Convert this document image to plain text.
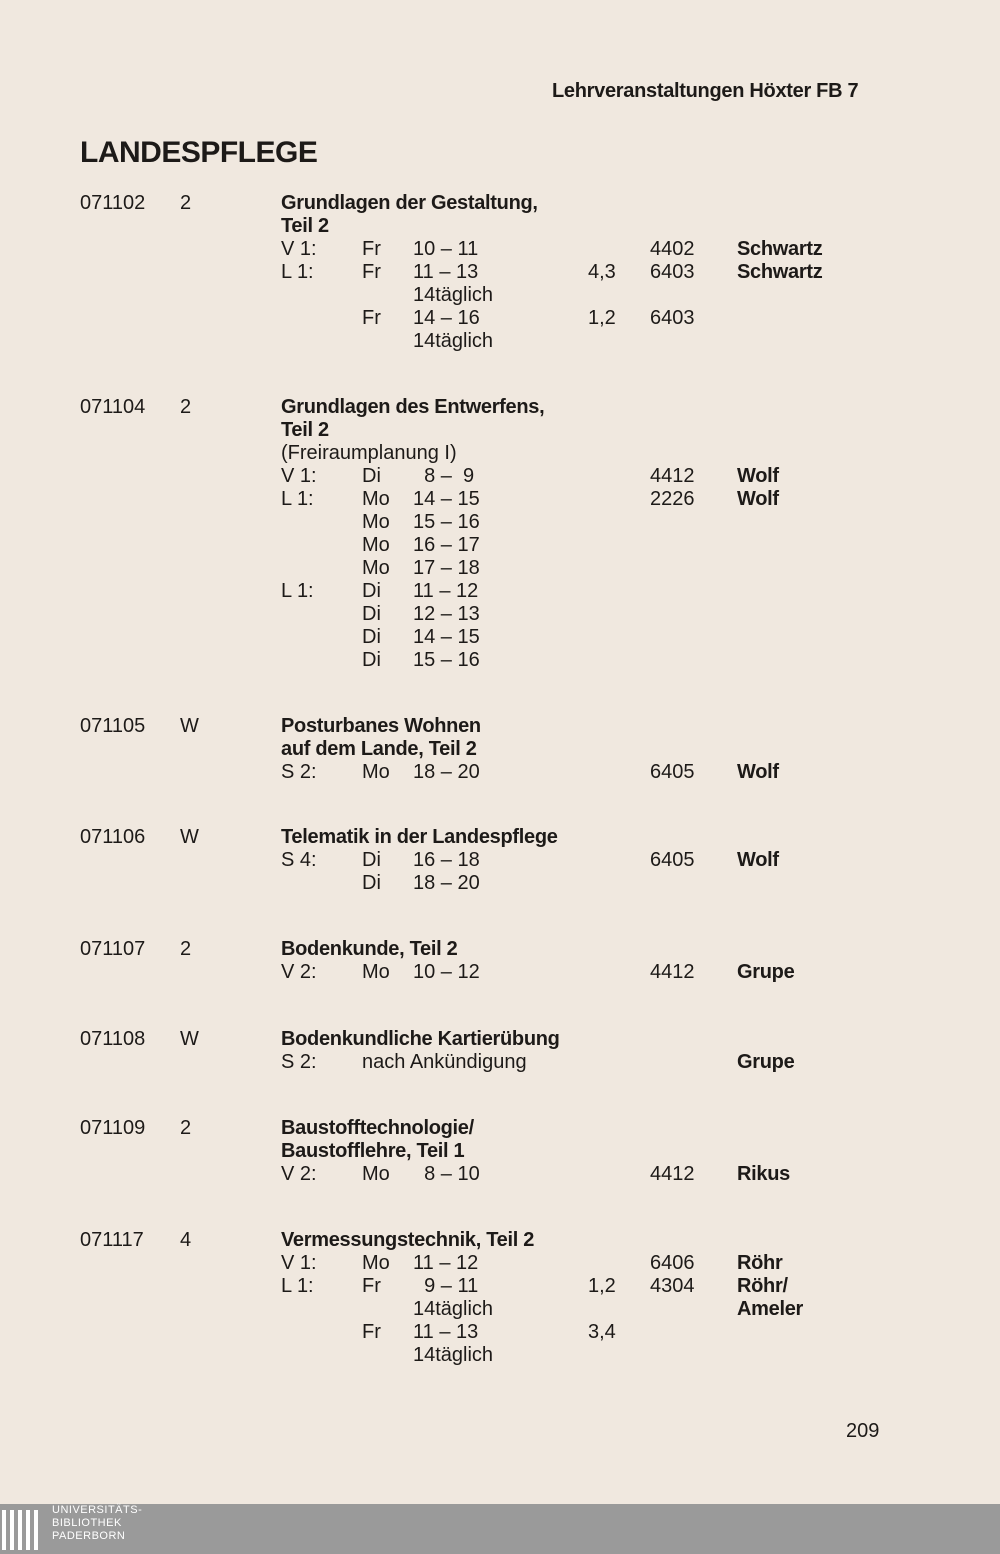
Lehrveranstaltungen Höxter FB 7
LANDESPFLEGE
071102 2	Grundlagen der Gestaltung,
Teil 2
V 1: Fr 10 – 11	4402 Schwartz
L 1: Fr 11 – 13	4,3 6403 Schwartz
14täglich
Fr 14 – 16	1,2 6403
14täglich
071104 2	Grundlagen des Entwerfens,
Teil 2
(Freiraumplanung I)
V 1: Di 8 –  9	4412 Wolf
L 1: Mo 14 – 15	2226 Wolf
Mo 15 – 16
Mo 16 – 17
Mo 17 – 18
L 1: Di 11 – 12
Di 12 – 13
Di 14 – 15
Di 15 – 16
071105 W	Posturbanes Wohnen
auf dem Lande, Teil 2
S 2: Mo 18 – 20	6405 Wolf
071106 W	Telematik in der Landespflege
S 4: Di 16 – 18	6405 Wolf
Di 18 – 20
071107 2	Bodenkunde, Teil 2
V 2: Mo 10 – 12	4412 Grupe
071108 W	Bodenkundliche Kartierübung
S 2: nach Ankündigung	Grupe
071109 2	Baustofftechnologie/
Baustofflehre, Teil 1
V 2: Mo 8 – 10	4412 Rikus
071117 4	Vermessungstechnik, Teil 2
V 1: Mo 11 – 12	6406 Röhr
L 1: Fr 9 – 11	1,2 4304 Röhr/
14täglich	Ameler
Fr 11 – 13	3,4
14täglich
209
UNIVERSITÄTS-
BIBLIOTHEK
PADERBORN
